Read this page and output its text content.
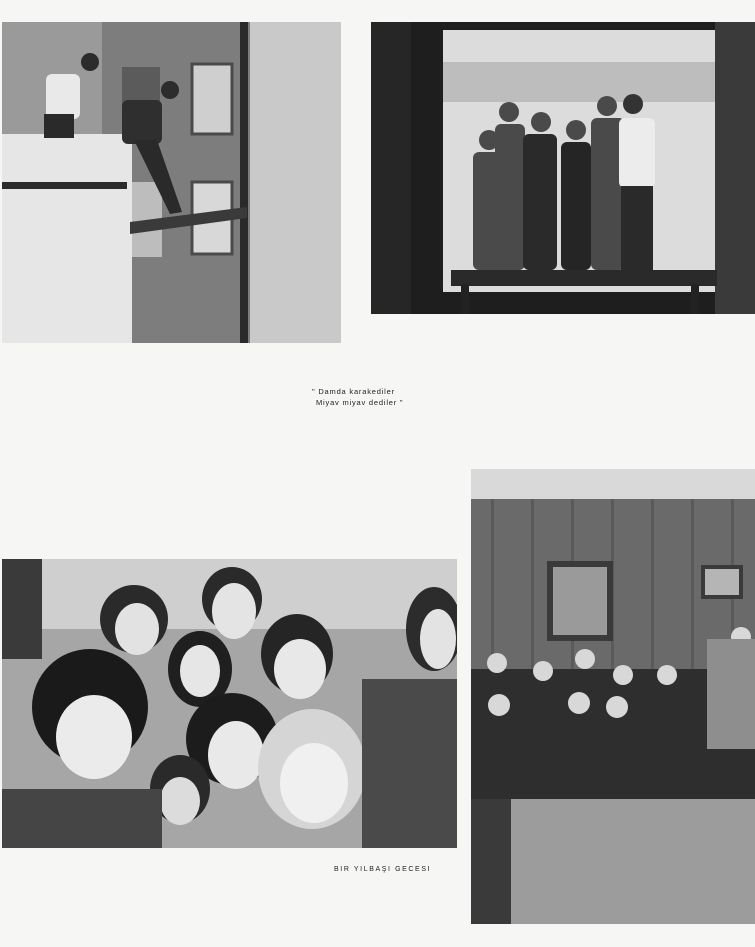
" Damda karakediler
Miyav miyav dediler "
BIR YILBAŞI GECESI
